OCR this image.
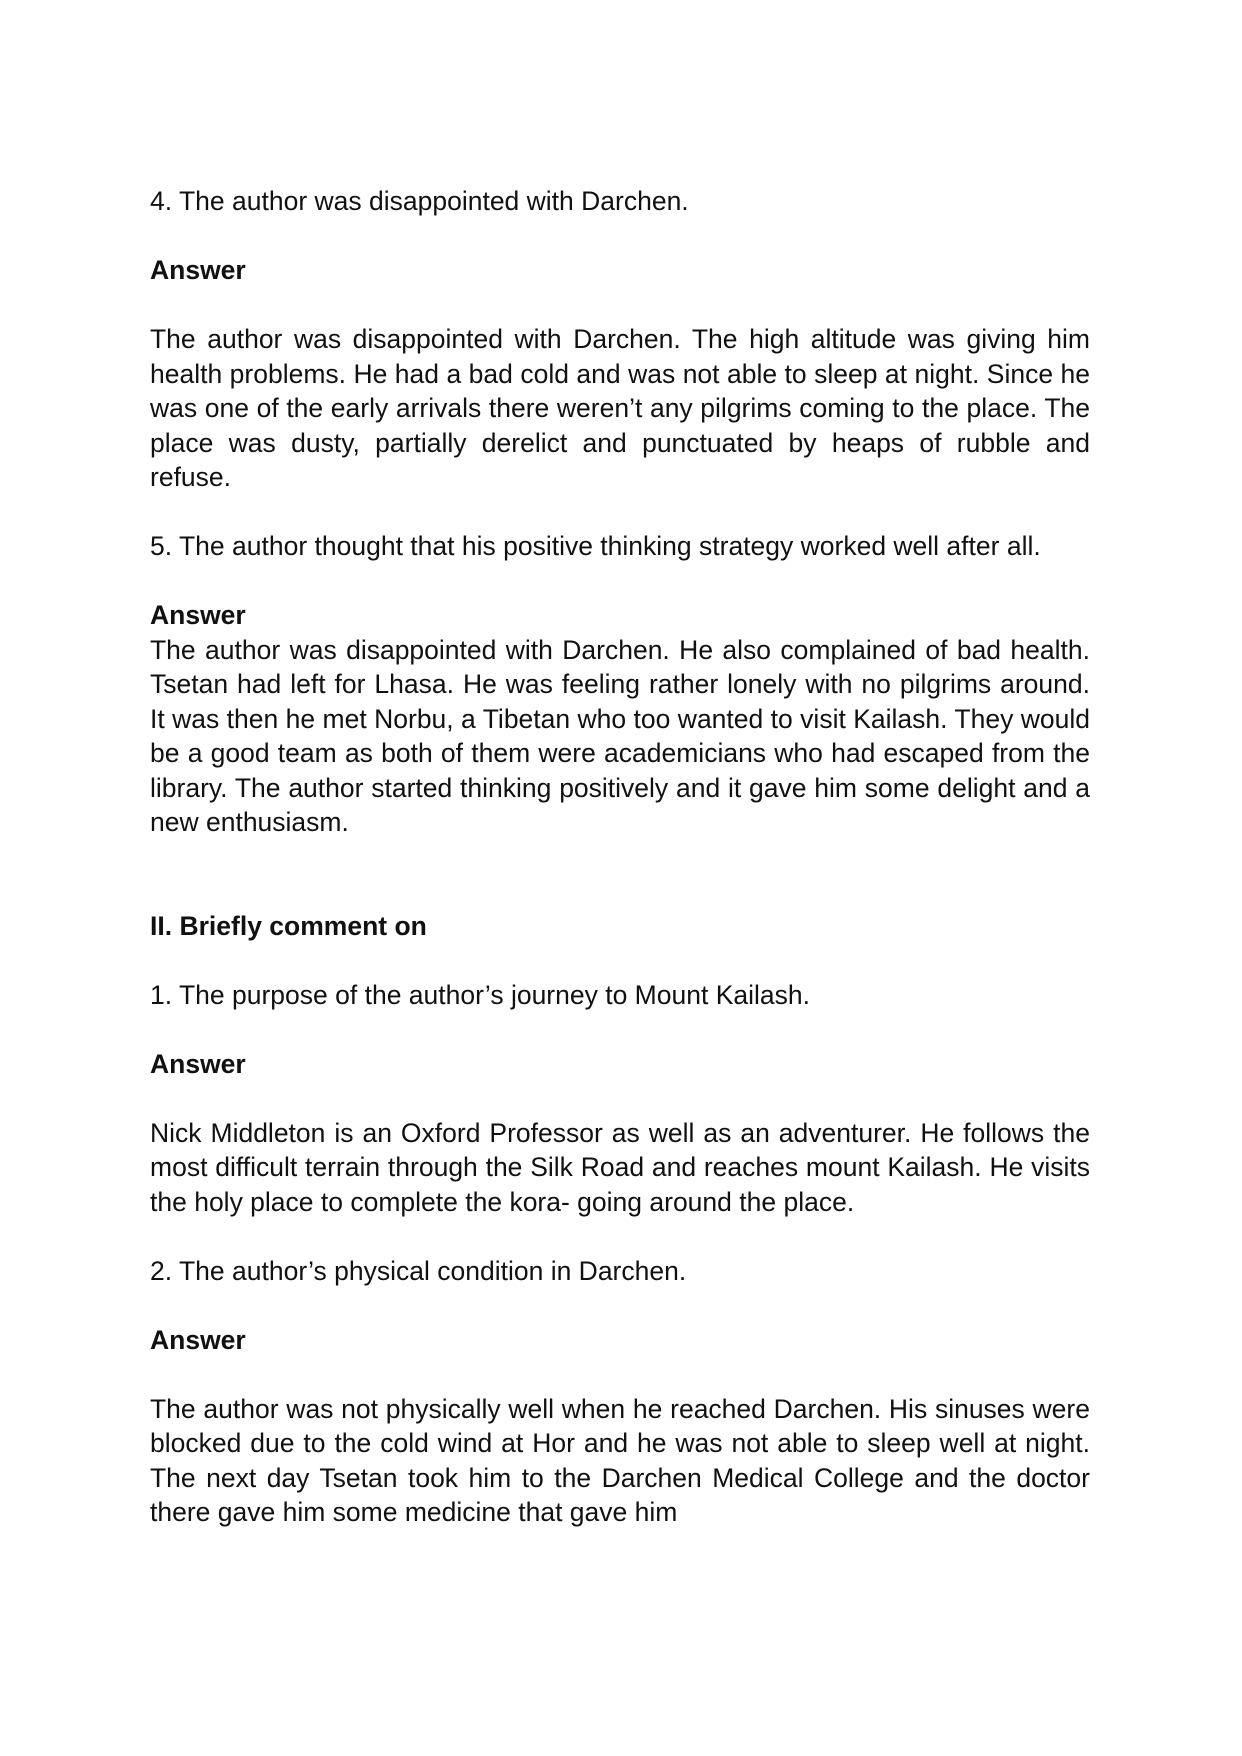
4. The author was disappointed with Darchen.

Answer

The author was disappointed with Darchen. The high altitude was giving him health problems. He had a bad cold and was not able to sleep at night. Since he was one of the early arrivals there weren’t any pilgrims coming to the place. The place was dusty, partially derelict and punctuated by heaps of rubble and refuse.

5. The author thought that his positive thinking strategy worked well after all.

Answer

The author was disappointed with Darchen. He also complained of bad health. Tsetan had left for Lhasa. He was feeling rather lonely with no pilgrims around. It was then he met Norbu, a Tibetan who too wanted to visit Kailash. They would be a good team as both of them were academicians who had escaped from the library. The author started thinking positively and it gave him some delight and a new enthusiasm.

II. Briefly comment on

1. The purpose of the author’s journey to Mount Kailash.

Answer

Nick Middleton is an Oxford Professor as well as an adventurer. He follows the most difficult terrain through the Silk Road and reaches mount Kailash. He visits the holy place to complete the kora- going around the place.

2. The author’s physical condition in Darchen.

Answer

The author was not physically well when he reached Darchen. His sinuses were blocked due to the cold wind at Hor and he was not able to sleep well at night. The next day Tsetan took him to the Darchen Medical College and the doctor there gave him some medicine that gave him
